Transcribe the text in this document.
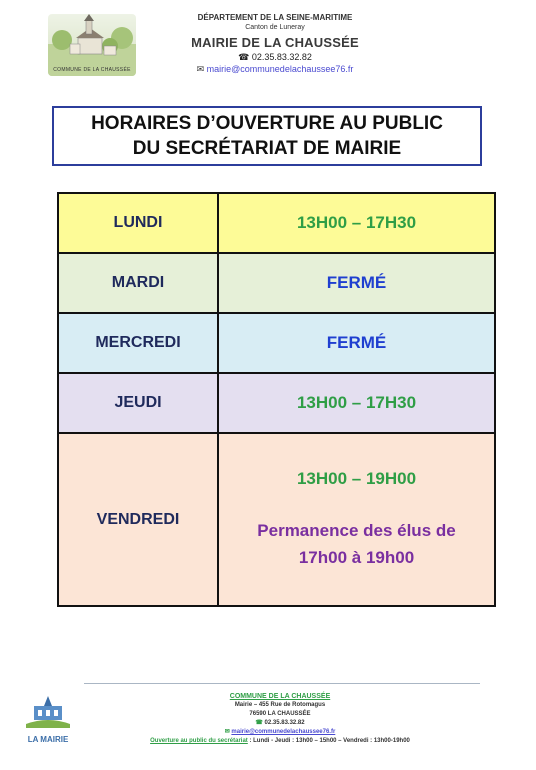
COMMUNE DE LA CHAUSSÉE
DÉPARTEMENT DE LA SEINE-MARITIME
Canton de Luneray
MAIRIE DE LA CHAUSSÉE
☎ 02.35.83.32.82
✉ mairie@communedelachaussee76.fr
HORAIRES D’OUVERTURE AU PUBLIC
DU SECRÉTARIAT DE MAIRIE
LUNDI	13H00 – 17H30
MARDI	FERMÉ
MERCREDI	FERMÉ
JEUDI	13H00 – 17H30
VENDREDI	13H00 – 19H00
Permanence des élus de
17h00 à 19h00
LA MAIRIE
COMMUNE DE LA CHAUSSÉE
Mairie – 455 Rue de Rotomagus
76590 LA CHAUSSÉE
☎ 02.35.83.32.82
✉ mairie@communedelachaussee76.fr
Ouverture au public du secrétariat : Lundi - Jeudi : 13h00 – 15h00 – Vendredi : 13h00-19h00
